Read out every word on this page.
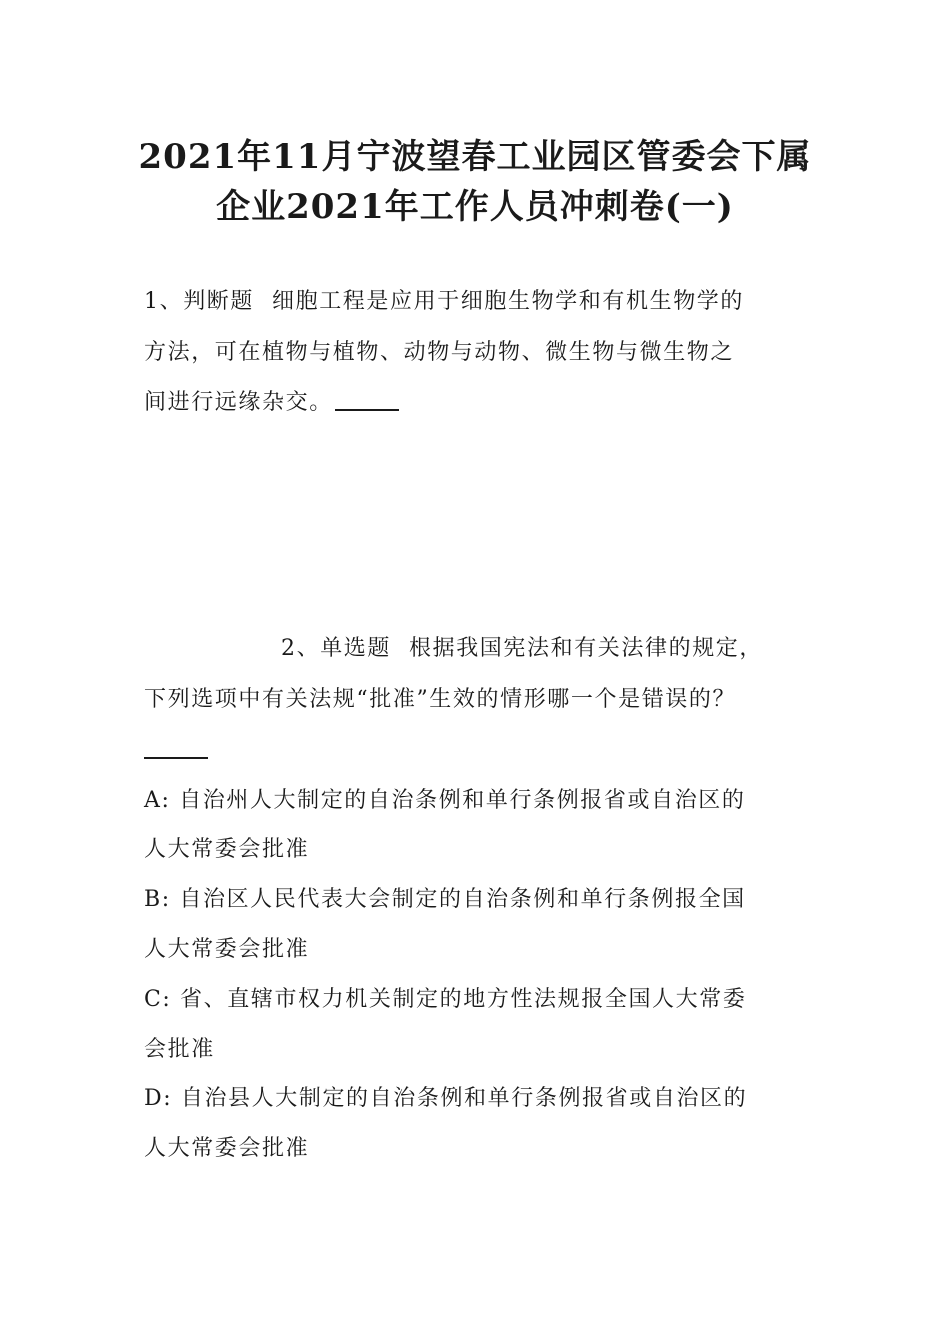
2021年11月宁波望春工业园区管委会下属
企业2021年工作人员冲刺卷(一)
1、判断题 细胞工程是应用于细胞生物学和有机生物学的
方法，可在植物与植物、动物与动物、微生物与微生物之
间进行远缘杂交。
2、单选题 根据我国宪法和有关法律的规定，
下列选项中有关法规“批准”生效的情形哪一个是错误的？
A: 自治州人大制定的自治条例和单行条例报省或自治区的
人大常委会批准
B: 自治区人民代表大会制定的自治条例和单行条例报全国
人大常委会批准
C: 省、直辖市权力机关制定的地方性法规报全国人大常委
会批准
D: 自治县人大制定的自治条例和单行条例报省或自治区的
人大常委会批准
